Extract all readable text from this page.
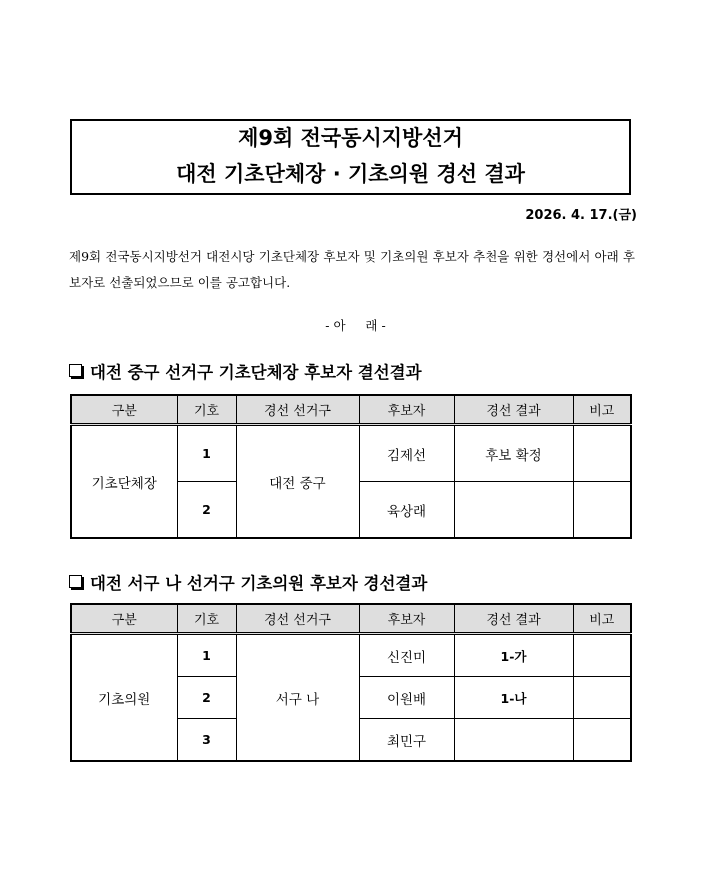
제9회 전국동시지방선거
대전 기초단체장 · 기초의원 경선 결과
2026. 4. 17.(금)
제9회 전국동시지방선거 대전시당 기초단체장 후보자 및 기초의원 후보자 추천을 위한 경선에서 아래 후보자로 선출되었으므로 이를 공고합니다.
- 아     래 -
대전 중구 선거구 기초단체장 후보자 결선결과
구분	기호	경선 선거구	후보자	경선 결과	비고
기초단체장	1	대전 중구	김제선	후보 확정	
	2		육상래		
대전 서구 나 선거구 기초의원 후보자 경선결과
구분	기호	경선 선거구	후보자	경선 결과	비고
기초의원	1	서구 나	신진미	1-가	
	2		이원배	1-나	
	3		최민구		
